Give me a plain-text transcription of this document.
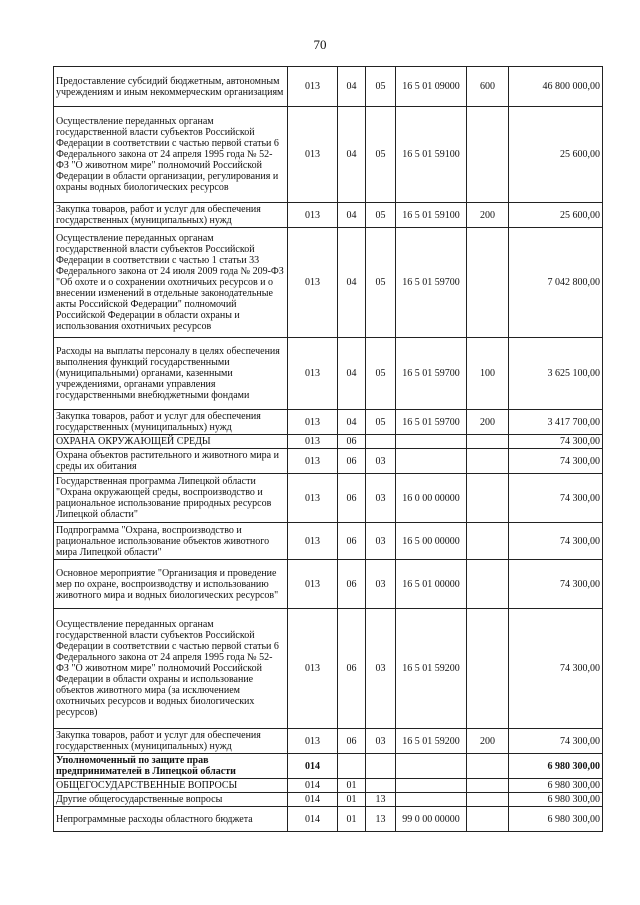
70
Предоставление субсидий бюджетным, автономным учреждениям и иным некоммерческим организациям	013	04	05	16 5 01 09000	600	46 800 000,00
Осуществление переданных органам государственной власти субъектов Российской Федерации в соответствии с частью первой статьи 6 Федерального закона от 24 апреля 1995 года № 52-ФЗ "О животном мире" полномочий Российской Федерации в области организации, регулирования и охраны водных биологических ресурсов	013	04	05	16 5 01 59100		25 600,00
Закупка товаров, работ и услуг для обеспечения государственных (муниципальных) нужд	013	04	05	16 5 01 59100	200	25 600,00
Осуществление переданных органам государственной власти субъектов Российской Федерации в соответствии с частью 1 статьи 33 Федерального закона от 24 июля 2009 года № 209-ФЗ "Об охоте и о сохранении охотничьих ресурсов и о внесении изменений в отдельные законодательные акты Российской Федерации" полномочий Российской Федерации в области охраны и использования охотничьих ресурсов	013	04	05	16 5 01 59700		7 042 800,00
Расходы на выплаты персоналу в целях обеспечения выполнения функций государственными (муниципальными) органами, казенными учреждениями, органами управления государственными внебюджетными фондами	013	04	05	16 5 01 59700	100	3 625 100,00
Закупка товаров, работ и услуг для обеспечения государственных (муниципальных) нужд	013	04	05	16 5 01 59700	200	3 417 700,00
ОХРАНА ОКРУЖАЮЩЕЙ СРЕДЫ	013	06				74 300,00
Охрана объектов растительного и животного мира и среды их обитания	013	06	03			74 300,00
Государственная программа Липецкой области "Охрана окружающей среды, воспроизводство и рациональное использование природных ресурсов Липецкой области"	013	06	03	16 0 00 00000		74 300,00
Подпрограмма "Охрана, воспроизводство и рациональное использование объектов животного мира Липецкой области"	013	06	03	16 5 00 00000		74 300,00
Основное мероприятие "Организация и проведение мер по охране, воспроизводству и использованию животного мира и водных биологических ресурсов"	013	06	03	16 5 01 00000		74 300,00
Осуществление переданных органам государственной власти субъектов Российской Федерации в соответствии с частью первой статьи 6 Федерального закона от 24 апреля 1995 года № 52-ФЗ "О животном мире" полномочий Российской Федерации в области охраны и использование объектов животного мира (за исключением охотничьих ресурсов и водных биологических ресурсов)	013	06	03	16 5 01 59200		74 300,00
Закупка товаров, работ и услуг для обеспечения государственных (муниципальных) нужд	013	06	03	16 5 01 59200	200	74 300,00
Уполномоченный по защите прав предпринимателей в Липецкой области	014					6 980 300,00
ОБЩЕГОСУДАРСТВЕННЫЕ ВОПРОСЫ	014	01				6 980 300,00
Другие общегосударственные вопросы	014	01	13			6 980 300,00
Непрограммные расходы областного бюджета	014	01	13	99 0 00 00000		6 980 300,00
